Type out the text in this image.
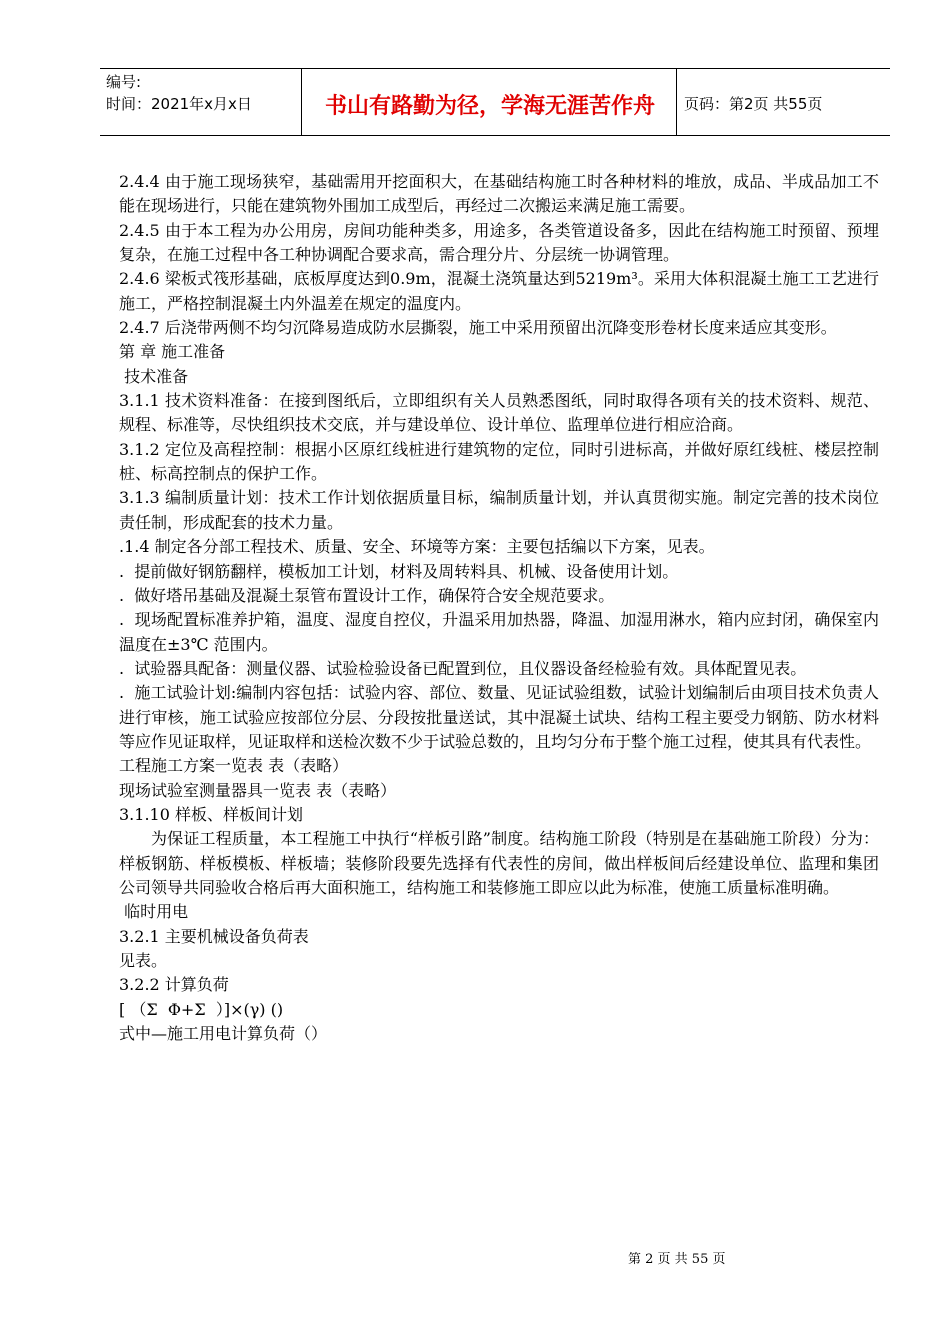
编号:
时间：2021年x月x日	书山有路勤为径，学海无涯苦作舟	页码：第2页 共55页

2.4.4 由于施工现场狭窄，基础需用开挖面积大，在基础结构施工时各种材料的堆放，成品、半成品加工不能在现场进行，只能在建筑物外围加工成型后，再经过二次搬运来满足施工需要。

2.4.5 由于本工程为办公用房，房间功能种类多，用途多，各类管道设备多，因此在结构施工时预留、预埋复杂，在施工过程中各工种协调配合要求高，需合理分片、分层统一协调管理。

2.4.6 梁板式筏形基础，底板厚度达到0.9m，混凝土浇筑量达到5219m³。采用大体积混凝土施工工艺进行施工，严格控制混凝土内外温差在规定的温度内。

2.4.7 后浇带两侧不均匀沉降易造成防水层撕裂，施工中采用预留出沉降变形卷材长度来适应其变形。

第 章 施工准备

技术准备

3.1.1 技术资料准备：在接到图纸后，立即组织有关人员熟悉图纸，同时取得各项有关的技术资料、规范、规程、标准等，尽快组织技术交底，并与建设单位、设计单位、监理单位进行相应洽商。

3.1.2 定位及高程控制：根据小区原红线桩进行建筑物的定位，同时引进标高，并做好原红线桩、楼层控制桩、标高控制点的保护工作。

3.1.3 编制质量计划：技术工作计划依据质量目标，编制质量计划，并认真贯彻实施。制定完善的技术岗位责任制，形成配套的技术力量。

.1.4 制定各分部工程技术、质量、安全、环境等方案：主要包括编以下方案，见表。

.  提前做好钢筋翻样，模板加工计划，材料及周转料具、机械、设备使用计划。

.  做好塔吊基础及混凝土泵管布置设计工作，确保符合安全规范要求。

.  现场配置标准养护箱，温度、湿度自控仪，升温采用加热器，降温、加湿用淋水，箱内应封闭，确保室内温度在±3℃ 范围内。

.  试验器具配备：测量仪器、试验检验设备已配置到位，且仪器设备经检验有效。具体配置见表。

.  施工试验计划:编制内容包括：试验内容、部位、数量、见证试验组数，试验计划编制后由项目技术负责人进行审核，施工试验应按部位分层、分段按批量送试，其中混凝土试块、结构工程主要受力钢筋、防水材料等应作见证取样，见证取样和送检次数不少于试验总数的，且均匀分布于整个施工过程，使其具有代表性。

工程施工方案一览表 表（表略）

现场试验室测量器具一览表 表（表略）

3.1.10 样板、样板间计划

为保证工程质量，本工程施工中执行“样板引路”制度。结构施工阶段（特别是在基础施工阶段）分为：样板钢筋、样板模板、样板墙；装修阶段要先选择有代表性的房间，做出样板间后经建设单位、监理和集团公司领导共同验收合格后再大面积施工，结构施工和装修施工即应以此为标准，使施工质量标准明确。

临时用电

3.2.1 主要机械设备负荷表

见表。

3.2.2 计算负荷

[ （Σ  Φ+Σ  ）]×(γ) ()

式中—施工用电计算负荷（）

第 2 页 共 55 页
